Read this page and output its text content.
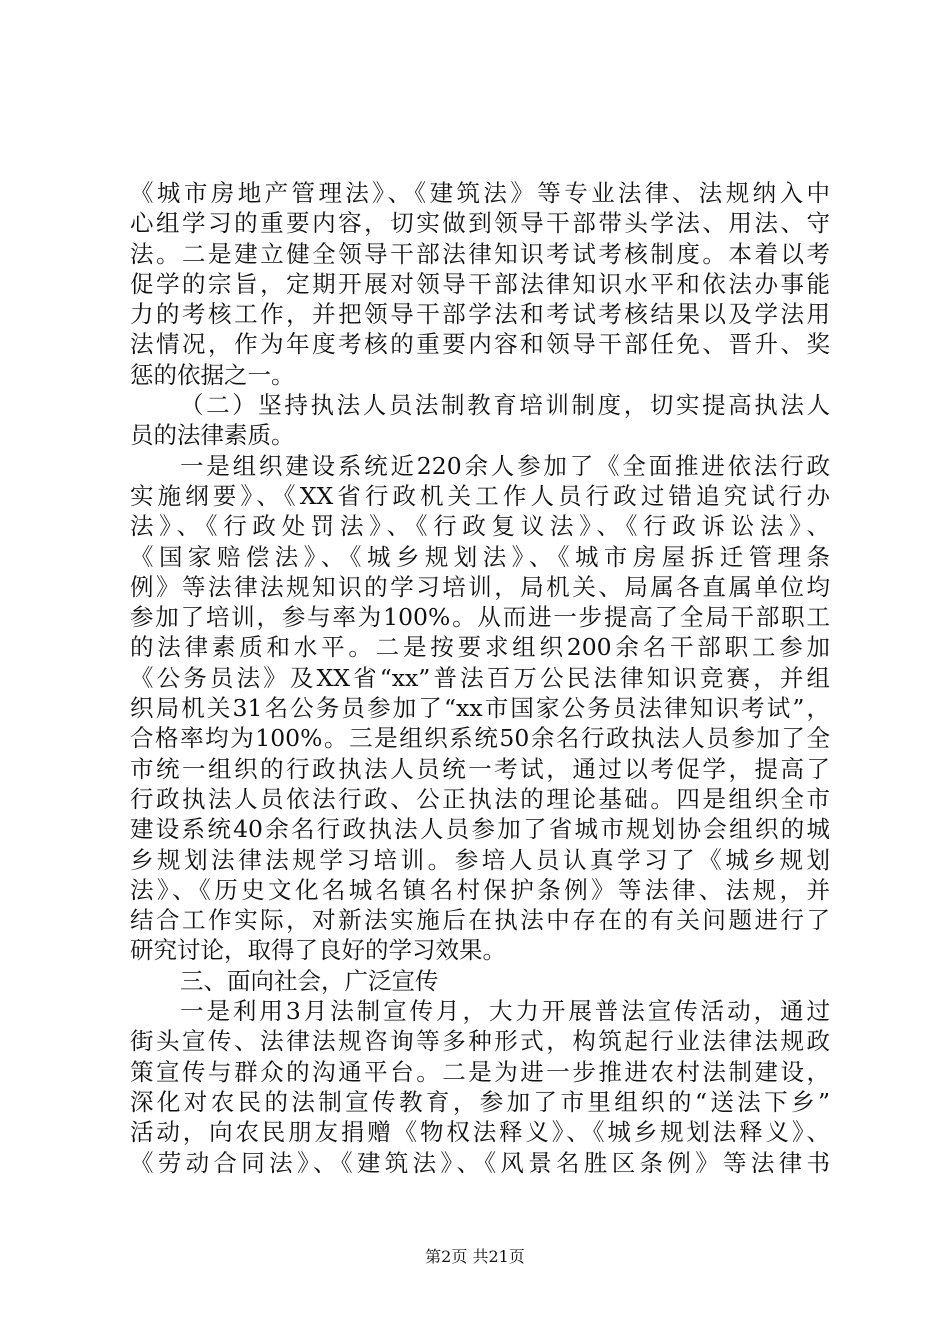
《城市房地产管理法》、《建筑法》等专业法律、法规纳入中
心组学习的重要内容，切实做到领导干部带头学法、用法、守
法。二是建立健全领导干部法律知识考试考核制度。本着以考
促学的宗旨，定期开展对领导干部法律知识水平和依法办事能
力的考核工作，并把领导干部学法和考试考核结果以及学法用
法情况，作为年度考核的重要内容和领导干部任免、晋升、奖
惩的依据之一。
（二）坚持执法人员法制教育培训制度，切实提高执法人
员的法律素质。
一是组织建设系统近220余人参加了《全面推进依法行政
实施纲要》、《XX省行政机关工作人员行政过错追究试行办
法》、《行政处罚法》、《行政复议法》、《行政诉讼法》、
《国家赔偿法》、《城乡规划法》、《城市房屋拆迁管理条
例》等法律法规知识的学习培训，局机关、局属各直属单位均
参加了培训，参与率为100%。从而进一步提高了全局干部职工
的法律素质和水平。二是按要求组织200余名干部职工参加
《公务员法》及XX省“xx”普法百万公民法律知识竞赛，并组
织局机关31名公务员参加了“xx市国家公务员法律知识考试”，
合格率均为100%。三是组织系统50余名行政执法人员参加了全
市统一组织的行政执法人员统一考试，通过以考促学，提高了
行政执法人员依法行政、公正执法的理论基础。四是组织全市
建设系统40余名行政执法人员参加了省城市规划协会组织的城
乡规划法律法规学习培训。参培人员认真学习了《城乡规划
法》、《历史文化名城名镇名村保护条例》等法律、法规，并
结合工作实际，对新法实施后在执法中存在的有关问题进行了
研究讨论，取得了良好的学习效果。
三、面向社会，广泛宣传
一是利用3月法制宣传月，大力开展普法宣传活动，通过
街头宣传、法律法规咨询等多种形式，构筑起行业法律法规政
策宣传与群众的沟通平台。二是为进一步推进农村法制建设，
深化对农民的法制宣传教育，参加了市里组织的“送法下乡”
活动，向农民朋友捐赠《物权法释义》、《城乡规划法释义》、
《劳动合同法》、《建筑法》、《风景名胜区条例》等法律书
第2页 共21页
